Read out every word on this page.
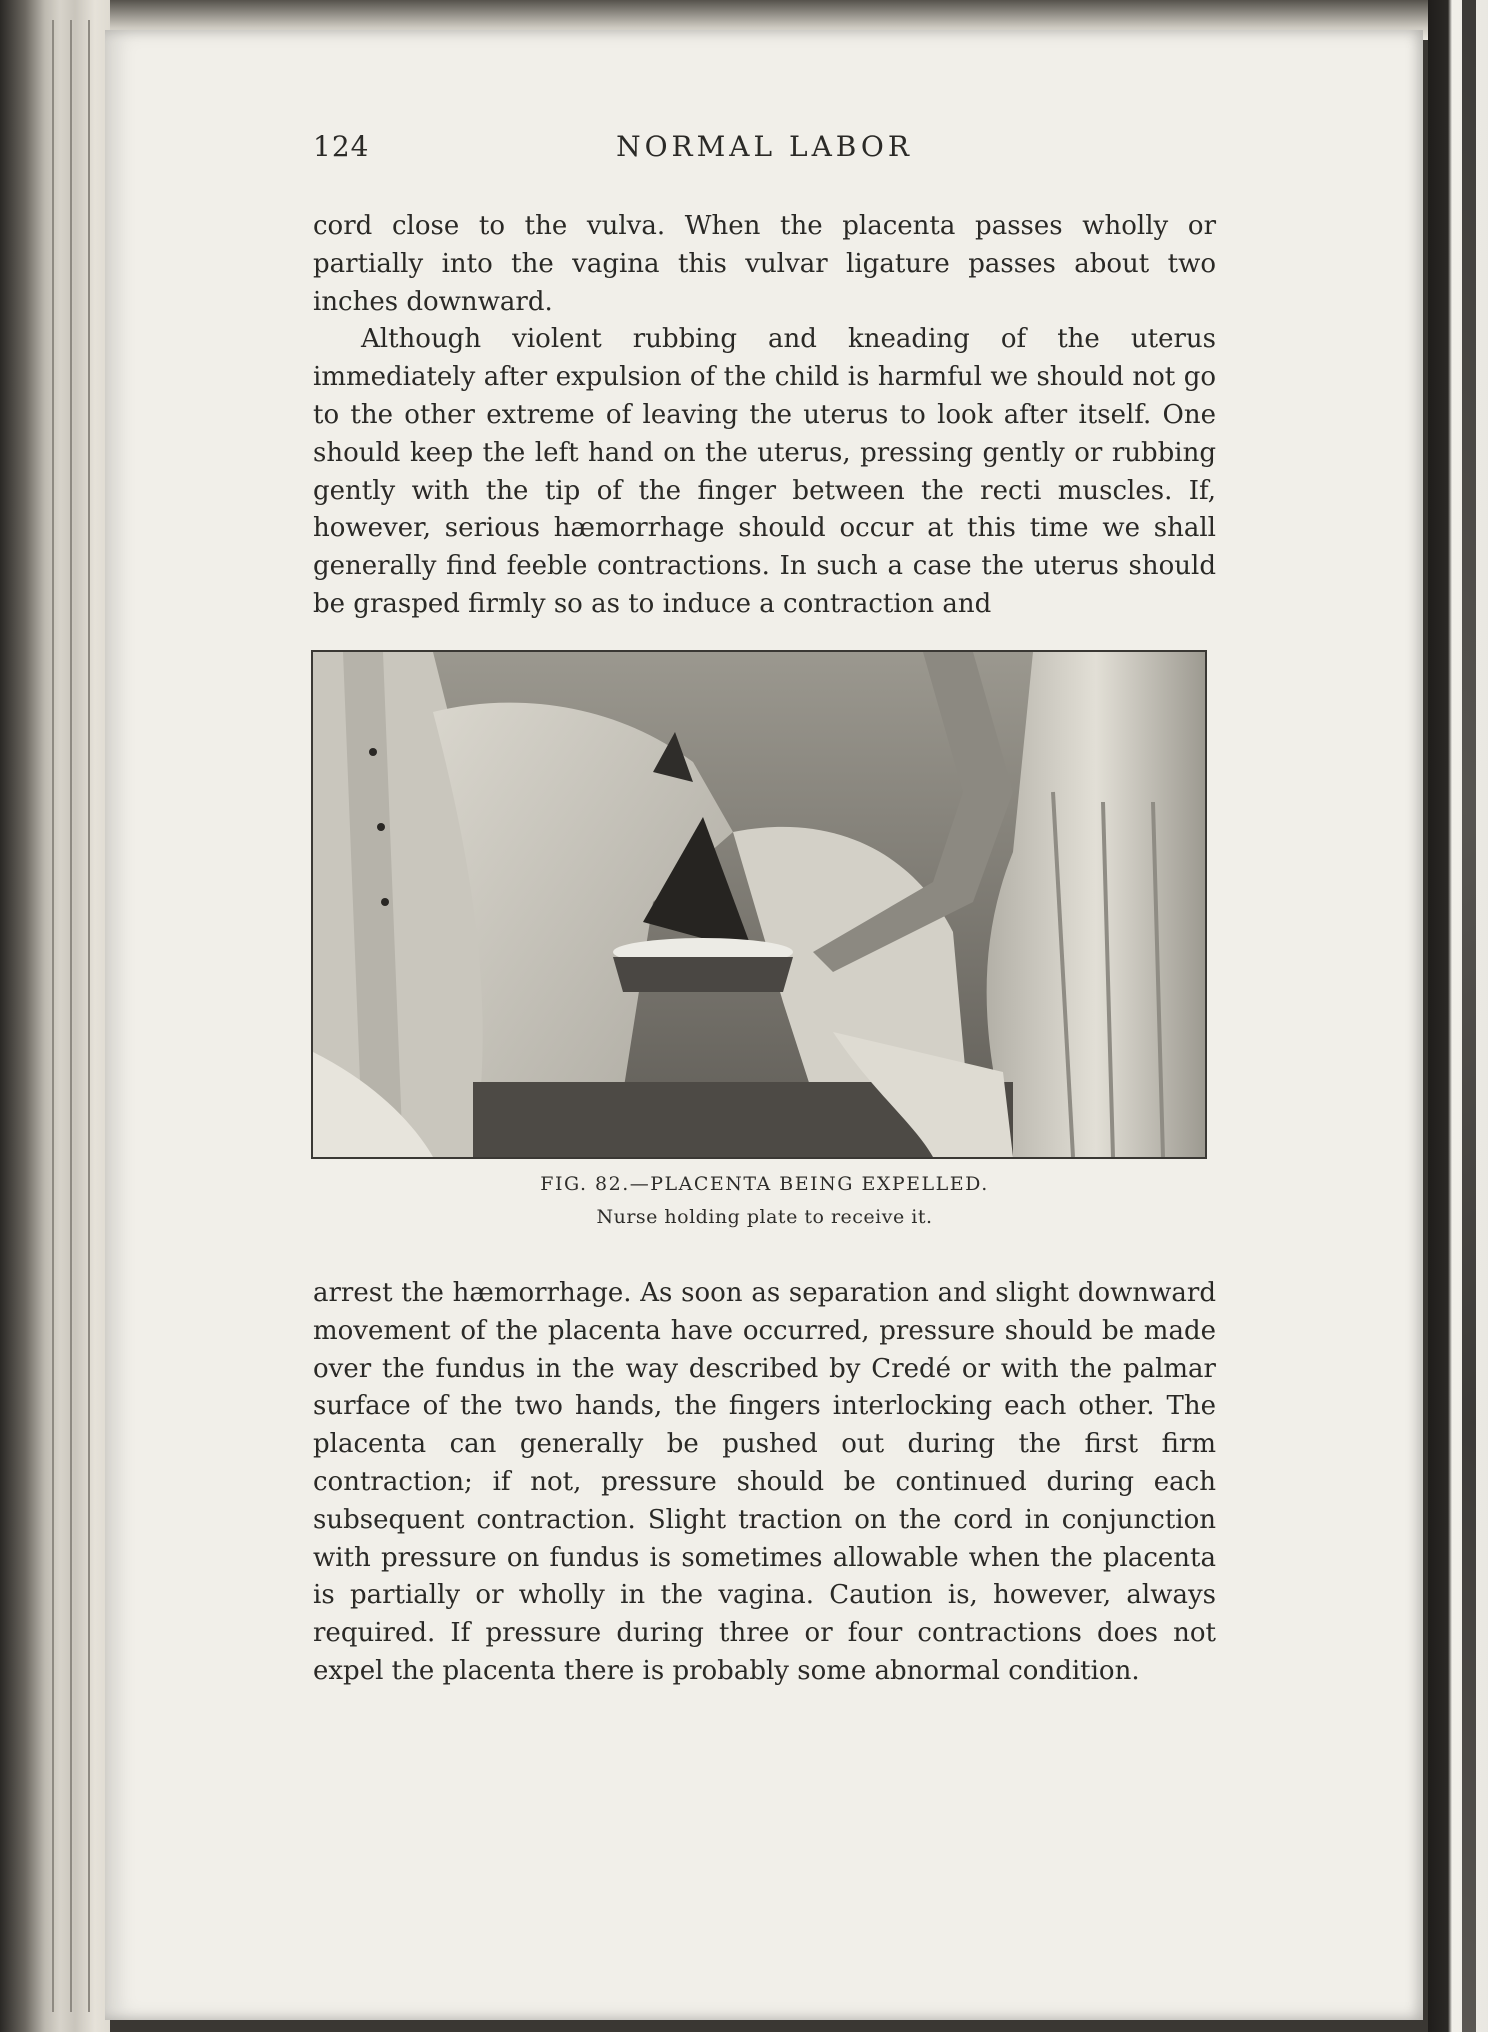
124	NORMAL LABOR

cord close to the vulva. When the placenta passes wholly or partially into the vagina this vulvar ligature passes about two inches downward.

Although violent rubbing and kneading of the uterus immediately after expulsion of the child is harmful we should not go to the other extreme of leaving the uterus to look after itself. One should keep the left hand on the uterus, pressing gently or rubbing gently with the tip of the finger between the recti muscles. If, however, serious hæmorrhage should occur at this time we shall generally find feeble contractions. In such a case the uterus should be grasped firmly so as to induce a contraction and

FIG. 82.—PLACENTA BEING EXPELLED.
Nurse holding plate to receive it.

arrest the hæmorrhage. As soon as separation and slight downward movement of the placenta have occurred, pressure should be made over the fundus in the way described by Credé or with the palmar surface of the two hands, the fingers interlocking each other. The placenta can generally be pushed out during the first firm contraction; if not, pressure should be continued during each subsequent contraction. Slight traction on the cord in conjunction with pressure on fundus is sometimes allowable when the placenta is partially or wholly in the vagina. Caution is, however, always required. If pressure during three or four contractions does not expel the placenta there is probably some abnormal condition.
